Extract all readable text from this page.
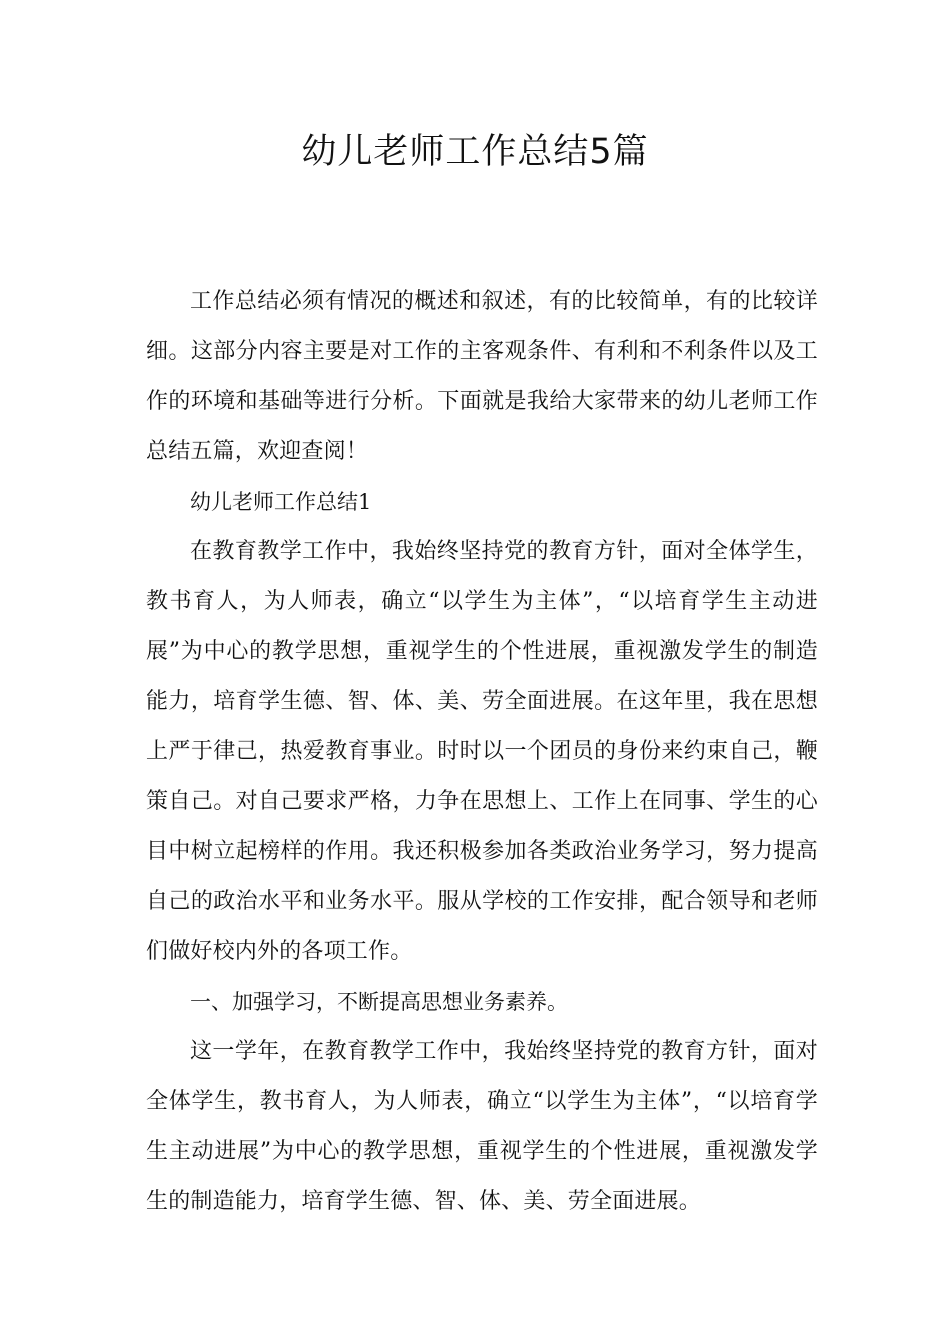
幼儿老师工作总结5篇

工作总结必须有情况的概述和叙述，有的比较简单，有的比较详细。这部分内容主要是对工作的主客观条件、有利和不利条件以及工作的环境和基础等进行分析。下面就是我给大家带来的幼儿老师工作总结五篇，欢迎查阅！

幼儿老师工作总结1

在教育教学工作中，我始终坚持党的教育方针，面对全体学生，教书育人，为人师表，确立“以学生为主体”，“以培育学生主动进展”为中心的教学思想，重视学生的个性进展，重视激发学生的制造能力，培育学生德、智、体、美、劳全面进展。在这年里，我在思想上严于律己，热爱教育事业。时时以一个团员的身份来约束自己，鞭策自己。对自己要求严格，力争在思想上、工作上在同事、学生的心目中树立起榜样的作用。我还积极参加各类政治业务学习，努力提高自己的政治水平和业务水平。服从学校的工作安排，配合领导和老师们做好校内外的各项工作。

一、加强学习，不断提高思想业务素养。

这一学年，在教育教学工作中，我始终坚持党的教育方针，面对全体学生，教书育人，为人师表，确立“以学生为主体”，“以培育学生主动进展”为中心的教学思想，重视学生的个性进展，重视激发学生的制造能力，培育学生德、智、体、美、劳全面进展。
